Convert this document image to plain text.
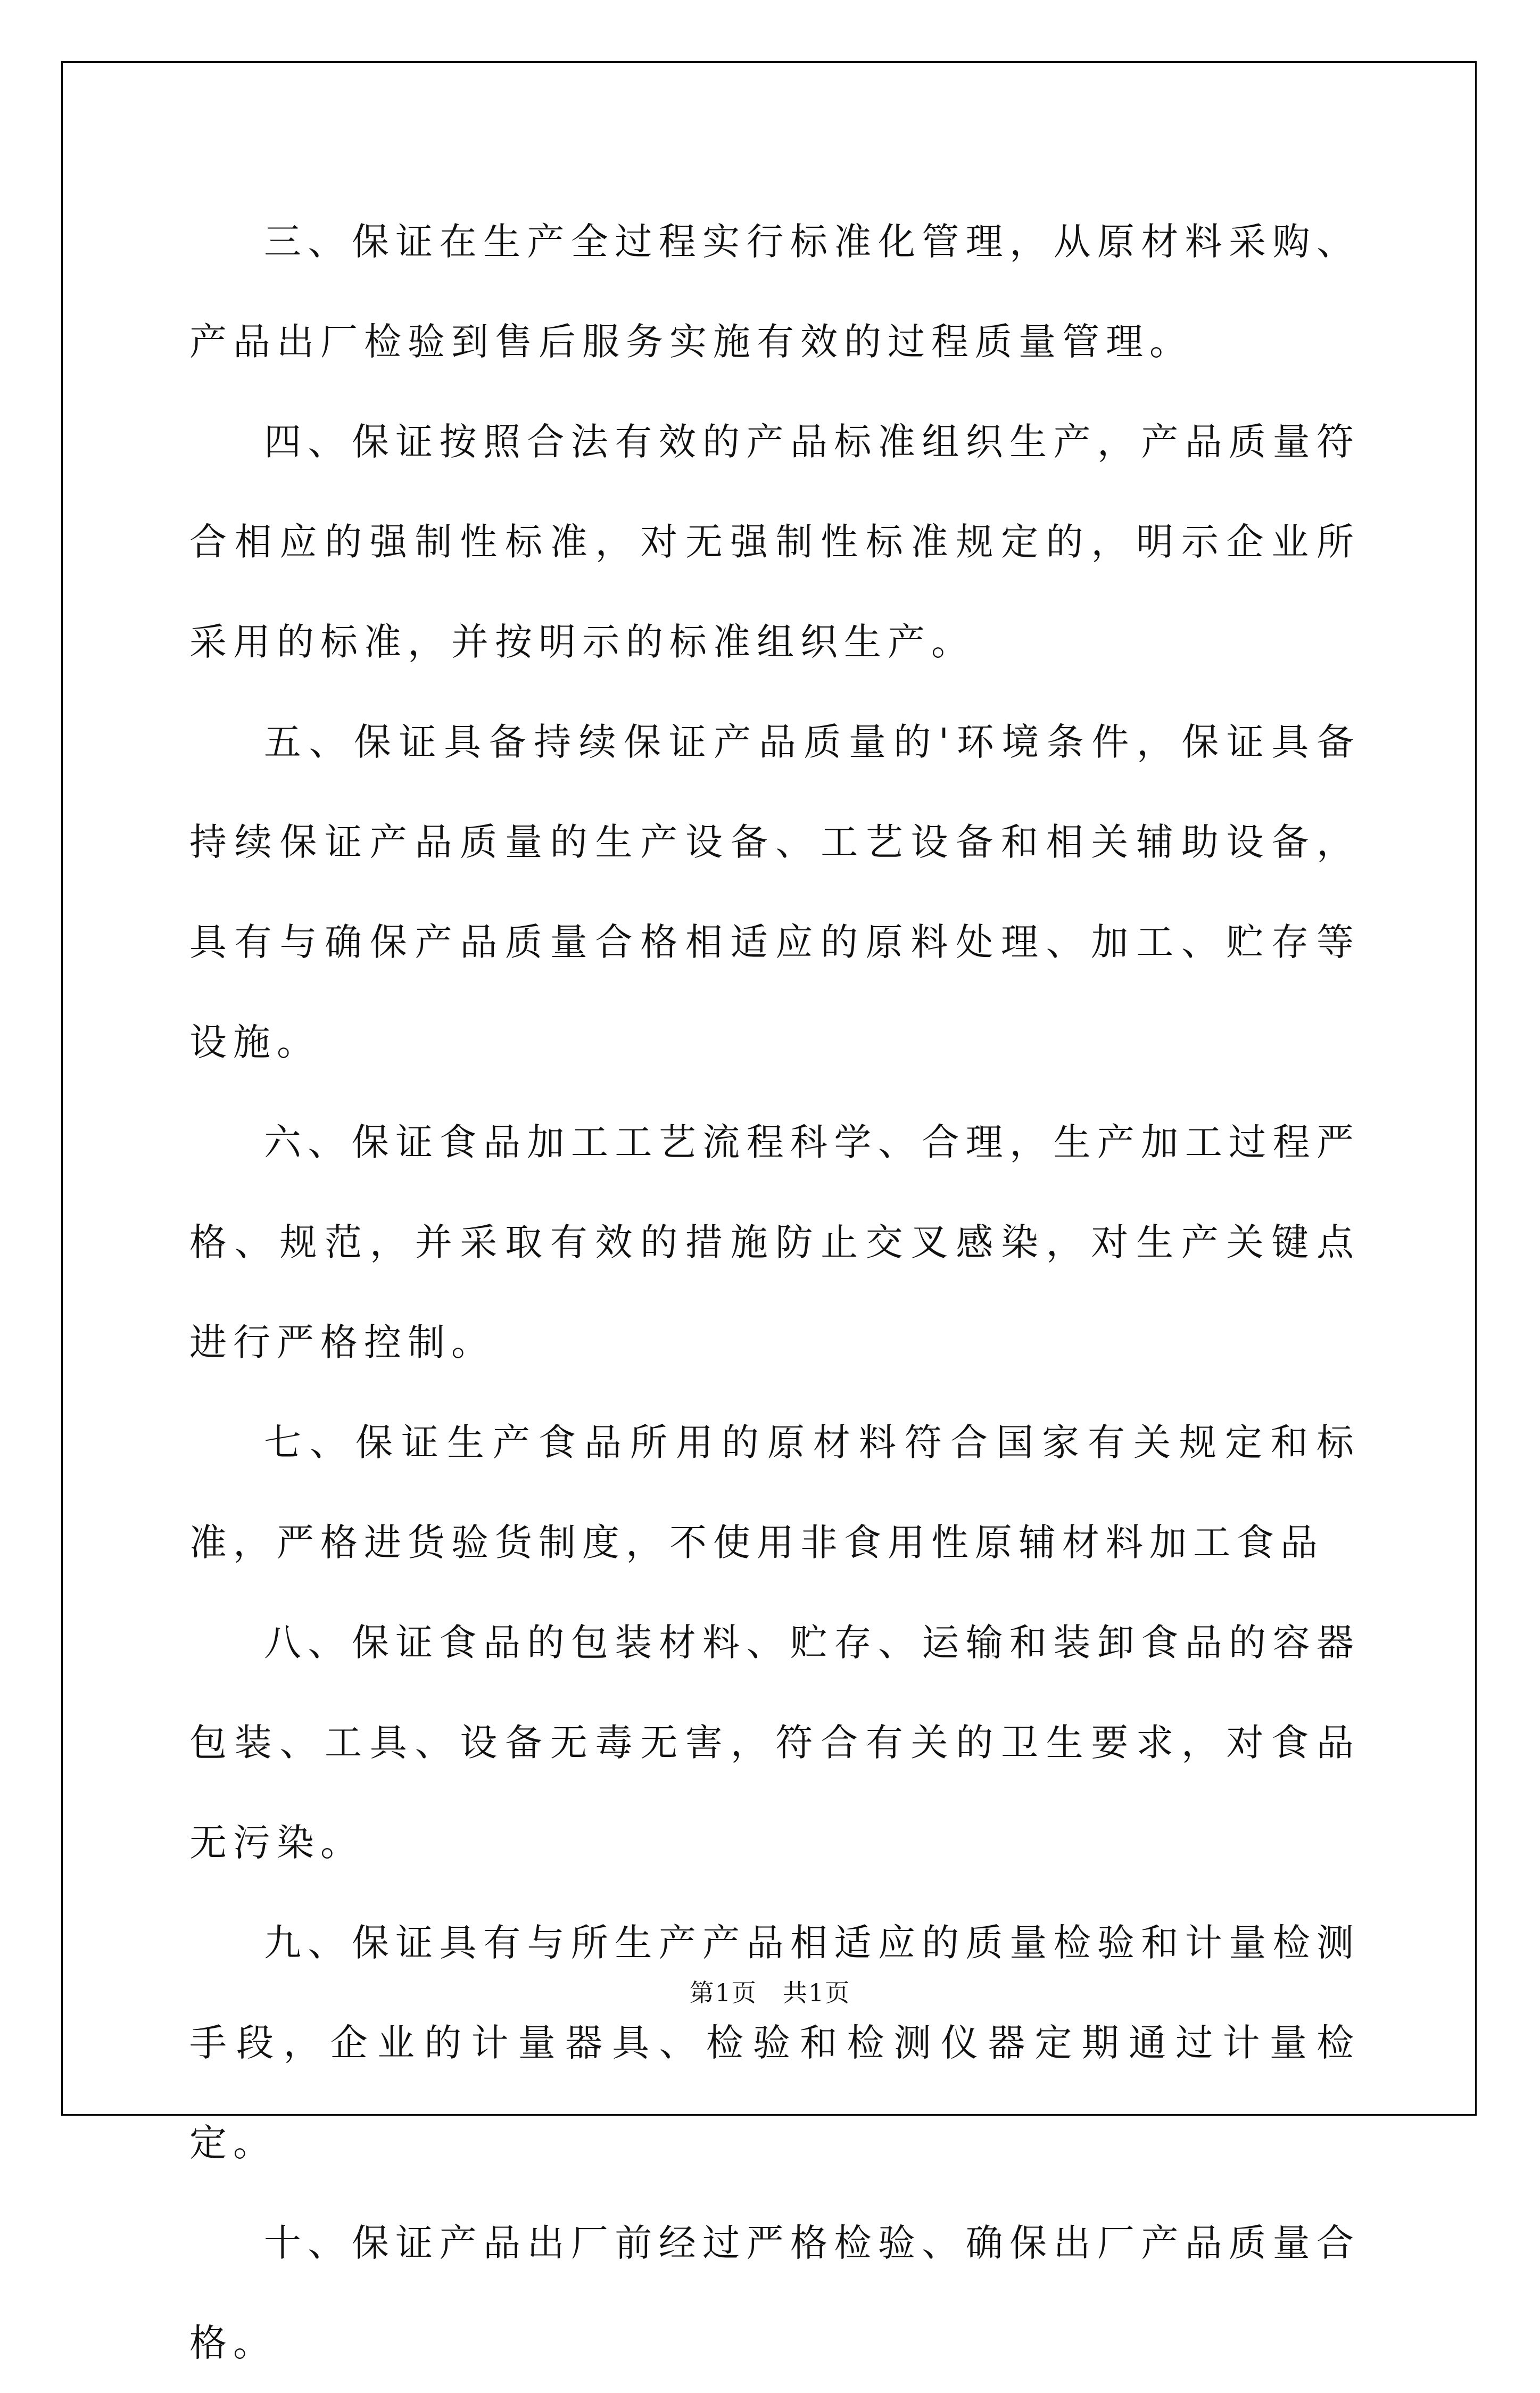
三、保证在生产全过程实行标准化管理，从原材料采购、产品出厂检验到售后服务实施有效的过程质量管理。

四、保证按照合法有效的产品标准组织生产，产品质量符合相应的强制性标准，对无强制性标准规定的，明示企业所采用的标准，并按明示的标准组织生产。

五、保证具备持续保证产品质量的'环境条件，保证具备持续保证产品质量的生产设备、工艺设备和相关辅助设备，具有与确保产品质量合格相适应的原料处理、加工、贮存等设施。

六、保证食品加工工艺流程科学、合理，生产加工过程严格、规范，并采取有效的措施防止交叉感染，对生产关键点进行严格控制。

七、保证生产食品所用的原材料符合国家有关规定和标准，严格进货验货制度，不使用非食用性原辅材料加工食品

八、保证食品的包装材料、贮存、运输和装卸食品的容器包装、工具、设备无毒无害，符合有关的卫生要求，对食品无污染。

九、保证具有与所生产产品相适应的质量检验和计量检测手段，企业的计量器具、检验和检测仪器定期通过计量检定。

十、保证产品出厂前经过严格检验、确保出厂产品质量合格。

第1页　共1页
